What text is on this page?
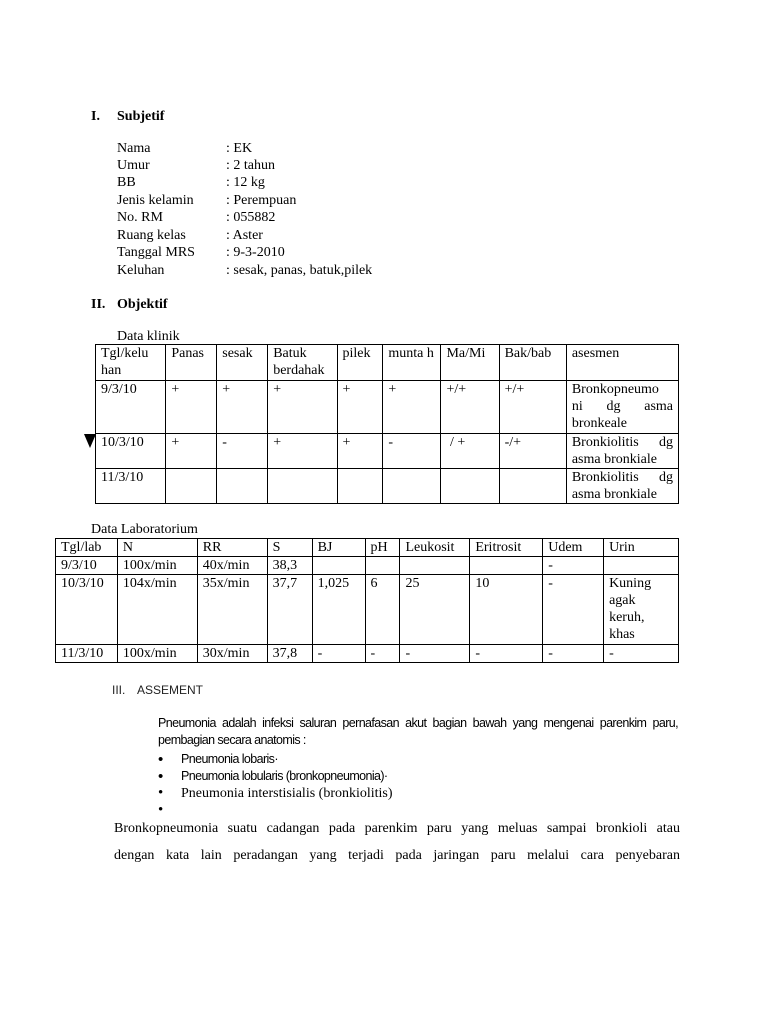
I. Subjetif
Nama	: EK
Umur	: 2 tahun
BB	: 12 kg
Jenis kelamin : Perempuan
No. RM	: 055882
Ruang kelas	: Aster
Tanggal MRS : 9-3-2010
Keluhan	: sesak, panas, batuk,pilek
II. Objektif
Data klinik
Tgl/kelu han	Panas	sesak	Batuk berdahak	pilek	munta h	Ma/Mi	Bak/bab	asesmen
9/3/10	+	+	+	+	+	+/+	+/+	Bronkopneumo ni dg asma bronkeale
10/3/10	+	-	+	+	-	/ +	-/+	Bronkiolitis dg asma bronkiale
11/3/10								Bronkiolitis dg asma bronkiale
Data Laboratorium
Tgl/lab	N	RR	S	BJ	pH	Leukosit	Eritrosit	Udem	Urin
9/3/10	100x/min	40x/min	38,3					-	
10/3/10	104x/min	35x/min	37,7	1,025	6	25	10	-	Kuning agak keruh, khas
11/3/10	100x/min	30x/min	37,8	-	-	-	-	-	-
III. ASSEMENT
Pneumonia adalah infeksi saluran pernafasan akut bagian bawah yang mengenai parenkim paru, pembagian secara anatomis :
• Pneumonia lobaris·
• Pneumonia lobularis (bronkopneumonia)·
• Pneumonia interstisialis (bronkiolitis)
•
Bronkopneumonia suatu cadangan pada parenkim paru yang meluas sampai bronkioli atau
dengan kata lain peradangan yang terjadi pada jaringan paru melalui cara penyebaran
